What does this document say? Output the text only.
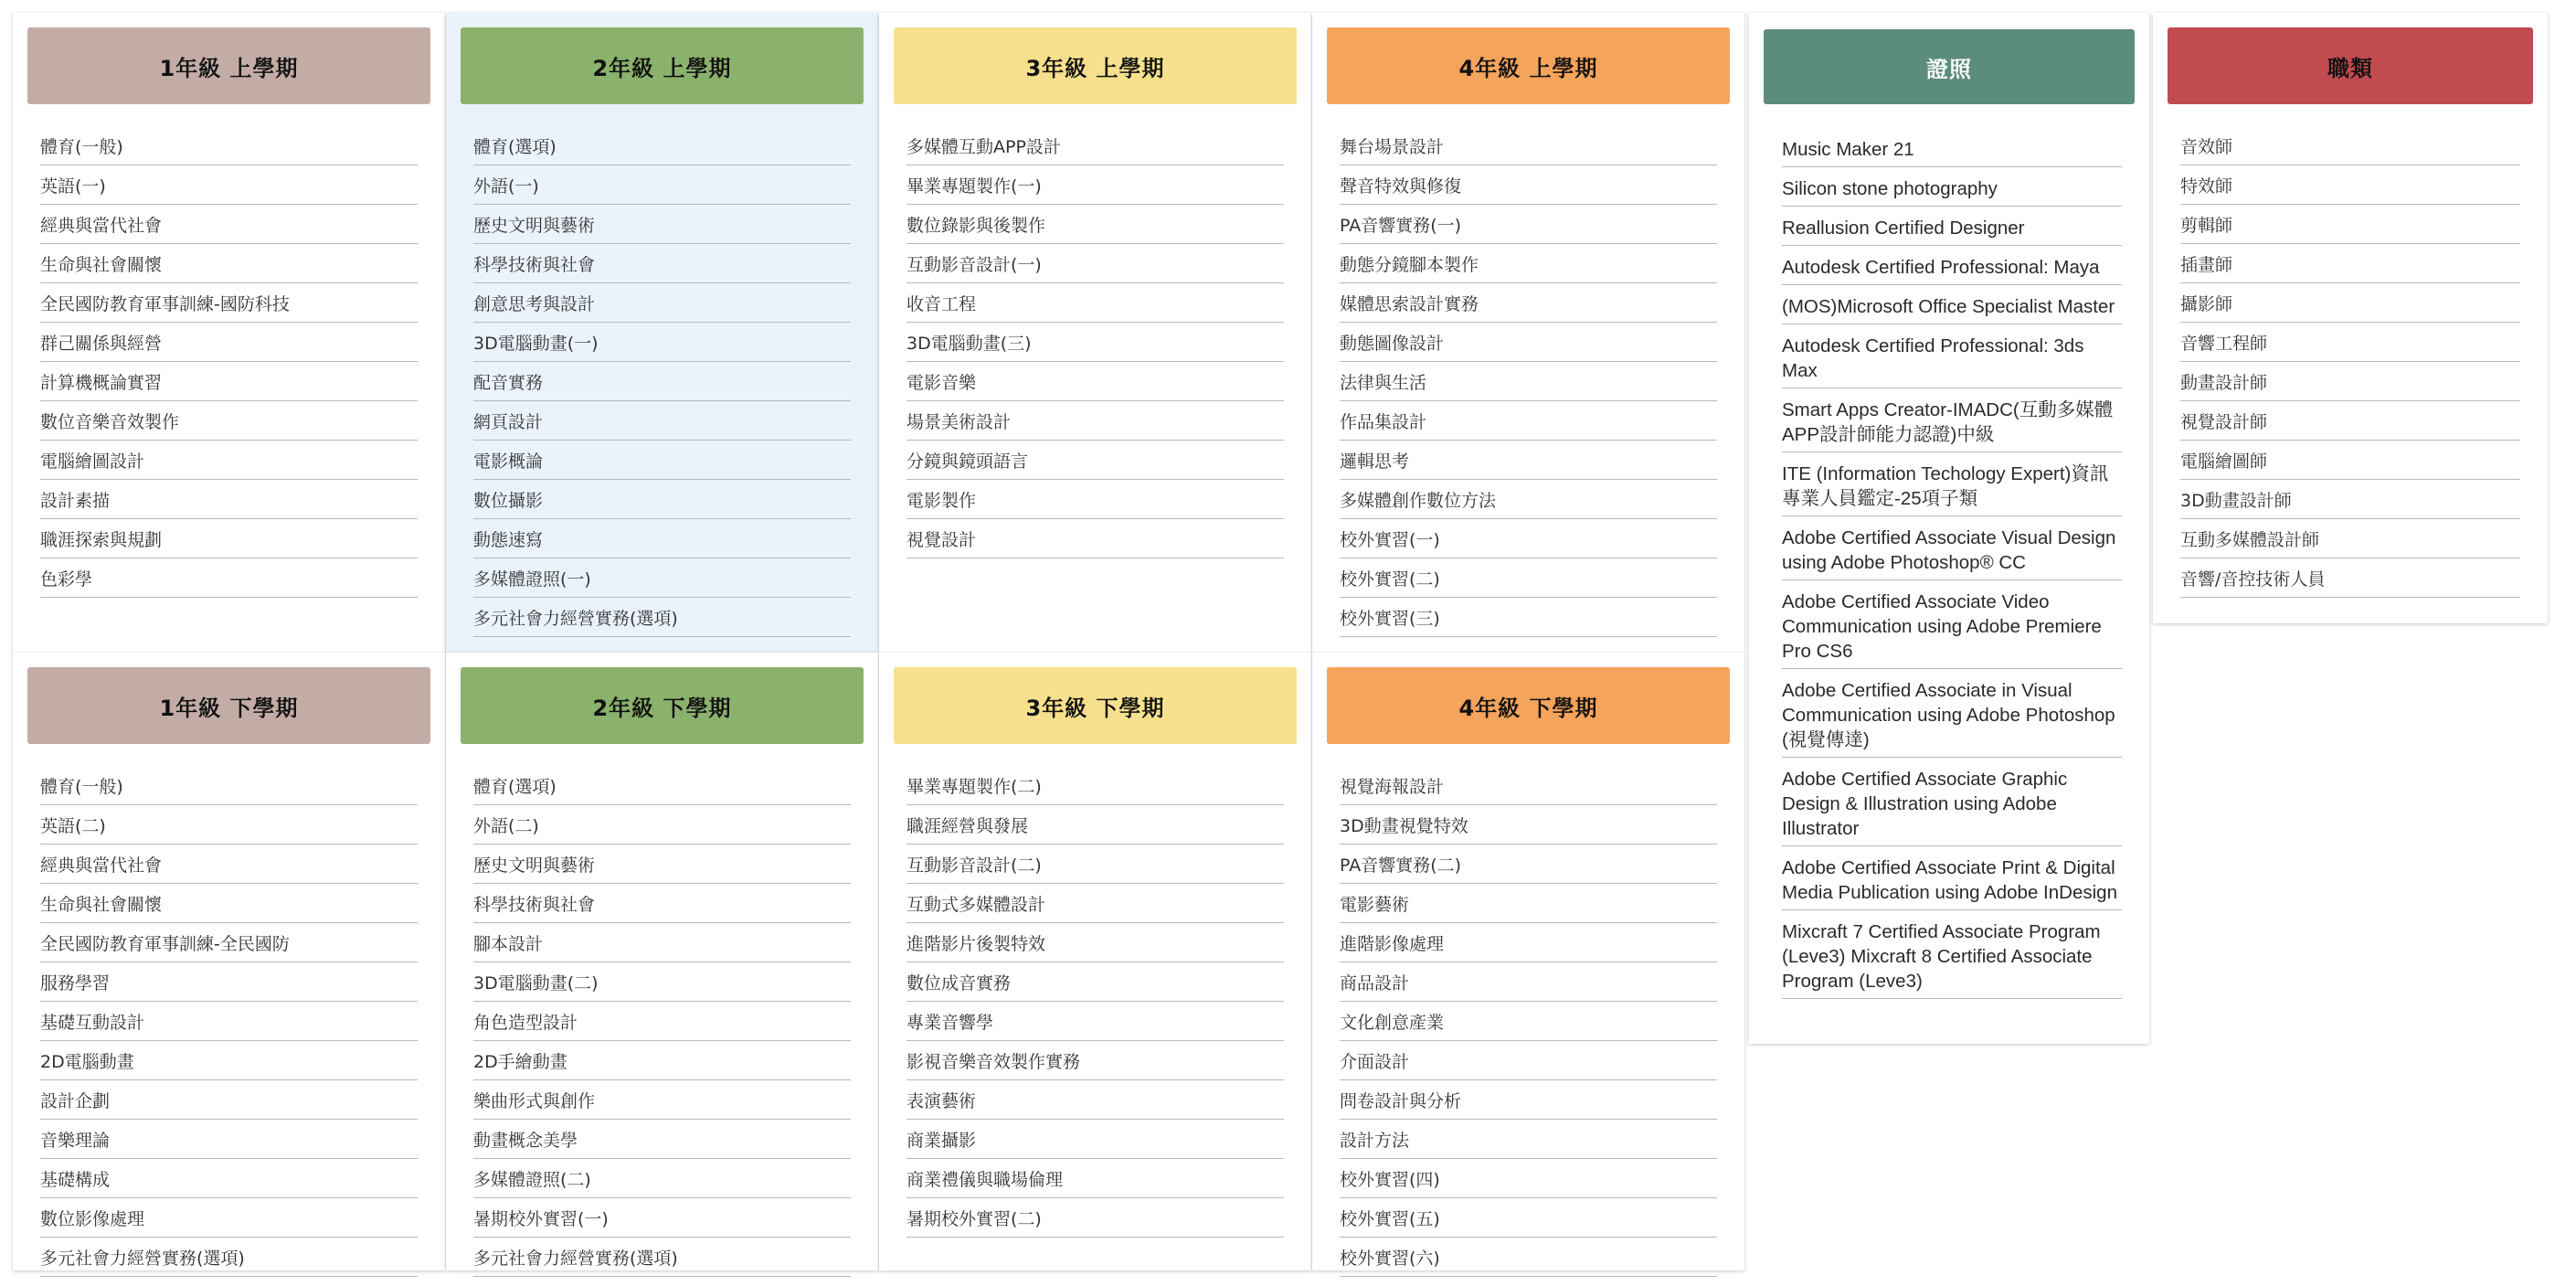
1年級 上學期
體育(一般)
英語(一)
經典與當代社會
生命與社會關懷
全民國防教育軍事訓練-國防科技
群己關係與經營
計算機概論實習
數位音樂音效製作
電腦繪圖設計
設計素描
職涯探索與規劃
色彩學
2年級 上學期
體育(選項)
外語(一)
歷史文明與藝術
科學技術與社會
創意思考與設計
3D電腦動畫(一)
配音實務
網頁設計
電影概論
數位攝影
動態速寫
多媒體證照(一)
多元社會力經營實務(選項)
3年級 上學期
多媒體互動APP設計
畢業專題製作(一)
數位錄影與後製作
互動影音設計(一)
收音工程
3D電腦動畫(三)
電影音樂
場景美術設計
分鏡與鏡頭語言
電影製作
視覺設計
4年級 上學期
舞台場景設計
聲音特效與修復
PA音響實務(一)
動態分鏡腳本製作
媒體思索設計實務
動態圖像設計
法律與生活
作品集設計
邏輯思考
多媒體創作數位方法
校外實習(一)
校外實習(二)
校外實習(三)
1年級 下學期
體育(一般)
英語(二)
經典與當代社會
生命與社會關懷
全民國防教育軍事訓練-全民國防
服務學習
基礎互動設計
2D電腦動畫
設計企劃
音樂理論
基礎構成
數位影像處理
多元社會力經營實務(選項)
2年級 下學期
體育(選項)
外語(二)
歷史文明與藝術
科學技術與社會
腳本設計
3D電腦動畫(二)
角色造型設計
2D手繪動畫
樂曲形式與創作
動畫概念美學
多媒體證照(二)
暑期校外實習(一)
多元社會力經營實務(選項)
3年級 下學期
畢業專題製作(二)
職涯經營與發展
互動影音設計(二)
互動式多媒體設計
進階影片後製特效
數位成音實務
專業音響學
影視音樂音效製作實務
表演藝術
商業攝影
商業禮儀與職場倫理
暑期校外實習(二)
4年級 下學期
視覺海報設計
3D動畫視覺特效
PA音響實務(二)
電影藝術
進階影像處理
商品設計
文化創意產業
介面設計
問卷設計與分析
設計方法
校外實習(四)
校外實習(五)
校外實習(六)
證照
Music Maker 21
Silicon stone photography
Reallusion Certified Designer
Autodesk Certified Professional: Maya
(MOS)Microsoft Office Specialist Master
Autodesk Certified Professional: 3ds Max
Smart Apps Creator-IMADC(互動多媒體APP設計師能力認證)中級
ITE (Information Techology Expert)資訊專業人員鑑定-25項子類
Adobe Certified Associate Visual Design using Adobe Photoshop® CC
Adobe Certified Associate Video Communication using Adobe Premiere Pro CS6
Adobe Certified Associate in Visual Communication using Adobe Photoshop (視覺傳達)
Adobe Certified Associate Graphic Design & Illustration using Adobe Illustrator
Adobe Certified Associate Print & Digital Media Publication using Adobe InDesign
Mixcraft 7 Certified Associate Program (Leve3) Mixcraft 8 Certified Associate Program (Leve3)
職類
音效師
特效師
剪輯師
插畫師
攝影師
音響工程師
動畫設計師
視覺設計師
電腦繪圖師
3D動畫設計師
互動多媒體設計師
音響/音控技術人員
